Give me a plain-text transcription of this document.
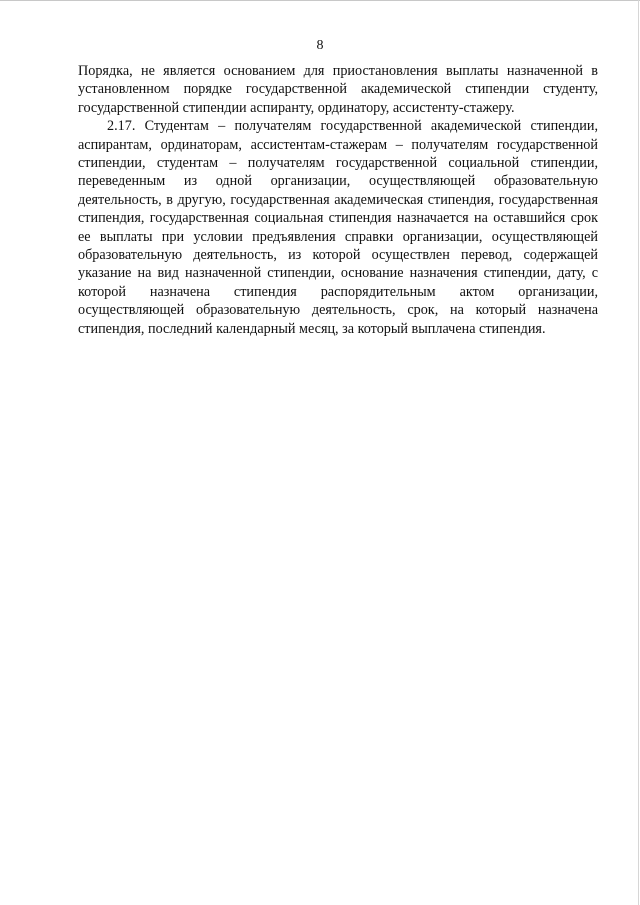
8

Порядка, не является основанием для приостановления выплаты назначенной в установленном порядке государственной академической стипендии студенту, государственной стипендии аспиранту, ординатору, ассистенту-стажеру.

2.17. Студентам – получателям государственной академической стипендии, аспирантам, ординаторам, ассистентам-стажерам – получателям государственной стипендии, студентам – получателям государственной социальной стипендии, переведенным из одной организации, осуществляющей образовательную деятельность, в другую, государственная академическая стипендия, государственная стипендия, государственная социальная стипендия назначается на оставшийся срок ее выплаты при условии предъявления справки организации, осуществляющей образовательную деятельность, из которой осуществлен перевод, содержащей указание на вид назначенной стипендии, основание назначения стипендии, дату, с которой назначена стипендия распорядительным актом организации, осуществляющей образовательную деятельность, срок, на который назначена стипендия, последний календарный месяц, за который выплачена стипендия.
